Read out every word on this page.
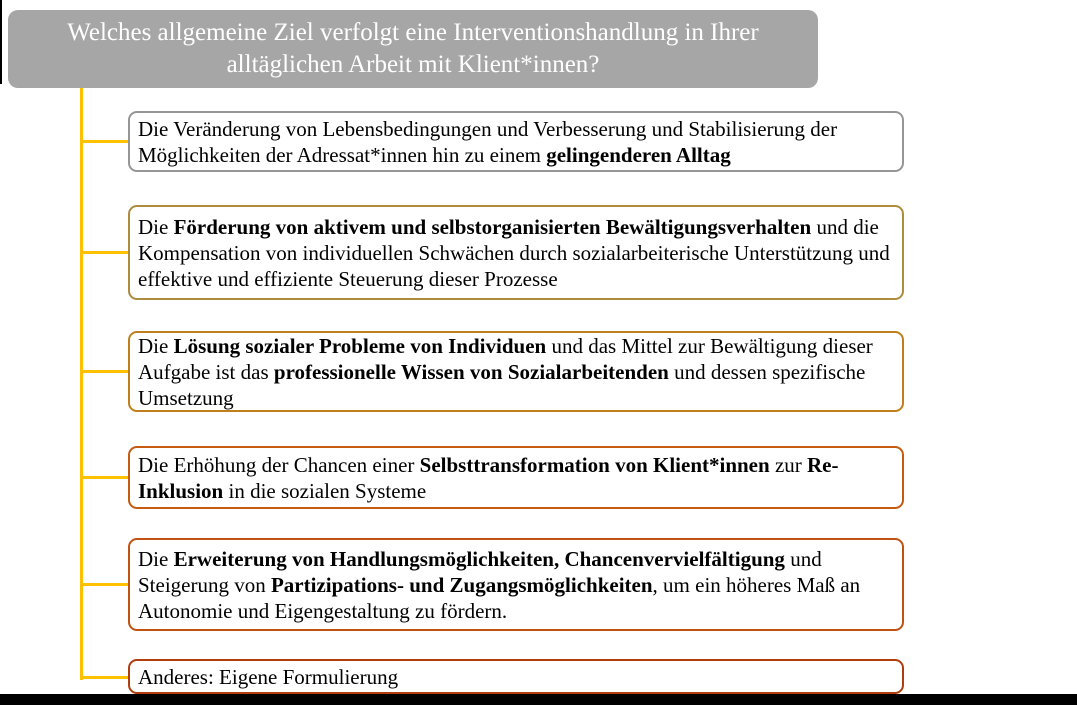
Welches allgemeine Ziel verfolgt eine Interventionshandlung in Ihrer alltäglichen Arbeit mit Klient*innen?

Die Veränderung von Lebensbedingungen und Verbesserung und Stabilisierung der Möglichkeiten der Adressat*innen hin zu einem gelingenderen Alltag

Die Förderung von aktivem und selbstorganisierten Bewältigungsverhalten und die Kompensation von individuellen Schwächen durch sozialarbeiterische Unterstützung und effektive und effiziente Steuerung dieser Prozesse

Die Lösung sozialer Probleme von Individuen und das Mittel zur Bewältigung dieser Aufgabe ist das professionelle Wissen von Sozialarbeitenden und dessen spezifische Umsetzung

Die Erhöhung der Chancen einer Selbsttransformation von Klient*innen zur Re-Inklusion in die sozialen Systeme

Die Erweiterung von Handlungsmöglichkeiten, Chancenvervielfältigung und Steigerung von Partizipations- und Zugangsmöglichkeiten, um ein höheres Maß an Autonomie und Eigengestaltung zu fördern.

Anderes: Eigene Formulierung
